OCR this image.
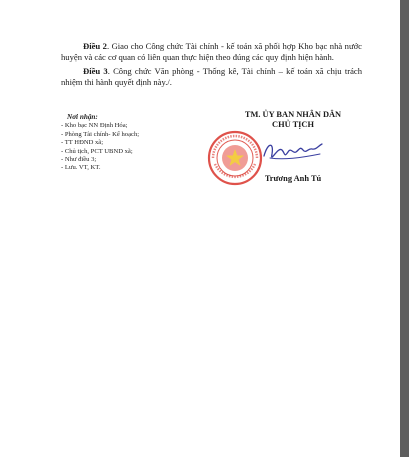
Điều 2. Giao cho Công chức Tài chính - kế toán xã phối hợp Kho bạc nhà nước huyện và các cơ quan có liên quan thực hiện theo đúng các quy định hiện hành.

Điều 3. Công chức Văn phòng - Thống kê, Tài chính – kế toán xã chịu trách nhiệm thi hành quyết định này./.

Nơi nhận:
- Kho bạc NN Định Hóa;
- Phòng Tài chính- Kế hoạch;
- TT HĐND xã;
- Chủ tịch, PCT UBND xã;
- Như điều 3;
- Lưu. VT, KT.
TM. ỦY BAN NHÂN DÂN
CHỦ TỊCH
Trương Anh Tú
